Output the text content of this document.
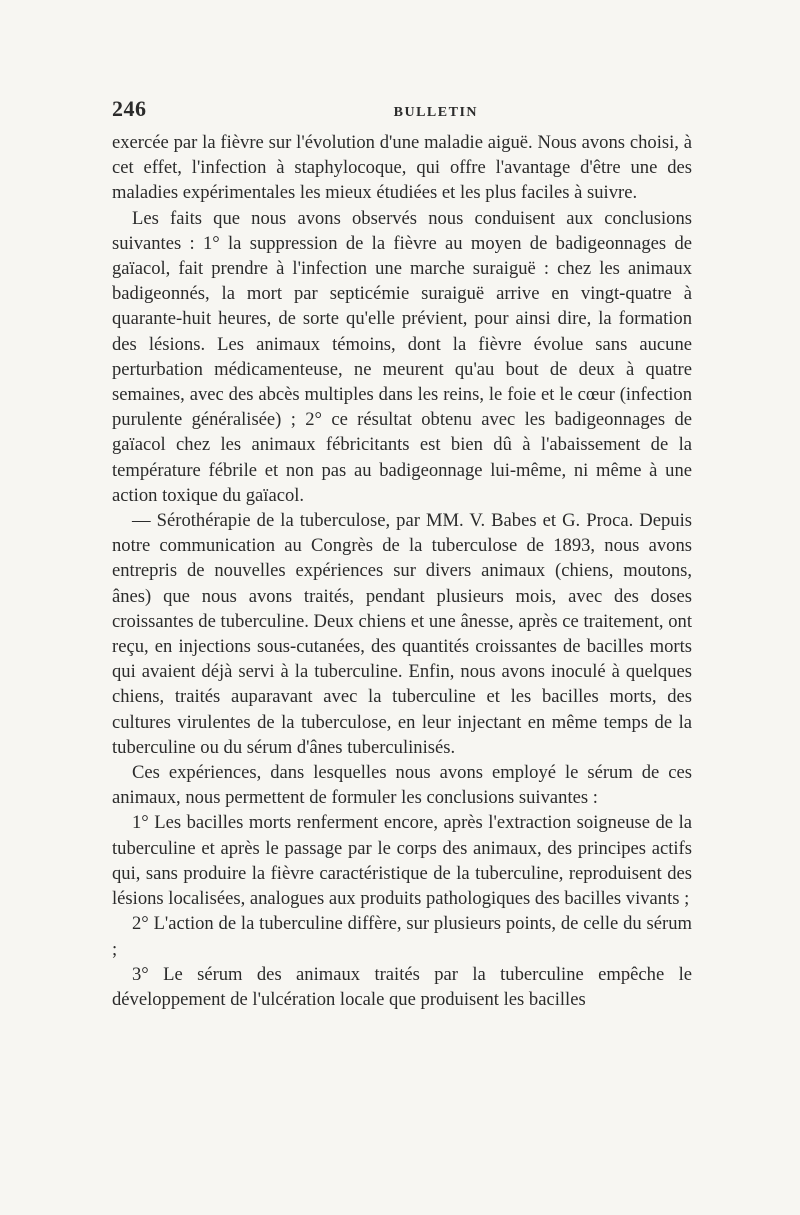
246	BULLETIN

exercée par la fièvre sur l'évolution d'une maladie aiguë. Nous avons choisi, à cet effet, l'infection à staphylocoque, qui offre l'avantage d'être une des maladies expérimentales les mieux étudiées et les plus faciles à suivre.

Les faits que nous avons observés nous conduisent aux conclusions suivantes : 1° la suppression de la fièvre au moyen de badigeonnages de gaïacol, fait prendre à l'infection une marche suraiguë : chez les animaux badigeonnés, la mort par septicémie suraiguë arrive en vingt-quatre à quarante-huit heures, de sorte qu'elle prévient, pour ainsi dire, la formation des lésions. Les animaux témoins, dont la fièvre évolue sans aucune perturbation médicamenteuse, ne meurent qu'au bout de deux à quatre semaines, avec des abcès multiples dans les reins, le foie et le cœur (infection purulente généralisée) ; 2° ce résultat obtenu avec les badigeonnages de gaïacol chez les animaux fébricitants est bien dû à l'abaissement de la température fébrile et non pas au badigeonnage lui-même, ni même à une action toxique du gaïacol.

— Sérothérapie de la tuberculose, par MM. V. Babes et G. Proca. Depuis notre communication au Congrès de la tuberculose de 1893, nous avons entrepris de nouvelles expériences sur divers animaux (chiens, moutons, ânes) que nous avons traités, pendant plusieurs mois, avec des doses croissantes de tuberculine. Deux chiens et une ânesse, après ce traitement, ont reçu, en injections sous-cutanées, des quantités croissantes de bacilles morts qui avaient déjà servi à la tuberculine. Enfin, nous avons inoculé à quelques chiens, traités auparavant avec la tuberculine et les bacilles morts, des cultures virulentes de la tuberculose, en leur injectant en même temps de la tuberculine ou du sérum d'ânes tuberculinisés.

Ces expériences, dans lesquelles nous avons employé le sérum de ces animaux, nous permettent de formuler les conclusions suivantes :

1° Les bacilles morts renferment encore, après l'extraction soigneuse de la tuberculine et après le passage par le corps des animaux, des principes actifs qui, sans produire la fièvre caractéristique de la tuberculine, reproduisent des lésions localisées, analogues aux produits pathologiques des bacilles vivants ;

2° L'action de la tuberculine diffère, sur plusieurs points, de celle du sérum ;

3° Le sérum des animaux traités par la tuberculine empêche le développement de l'ulcération locale que produisent les bacilles
